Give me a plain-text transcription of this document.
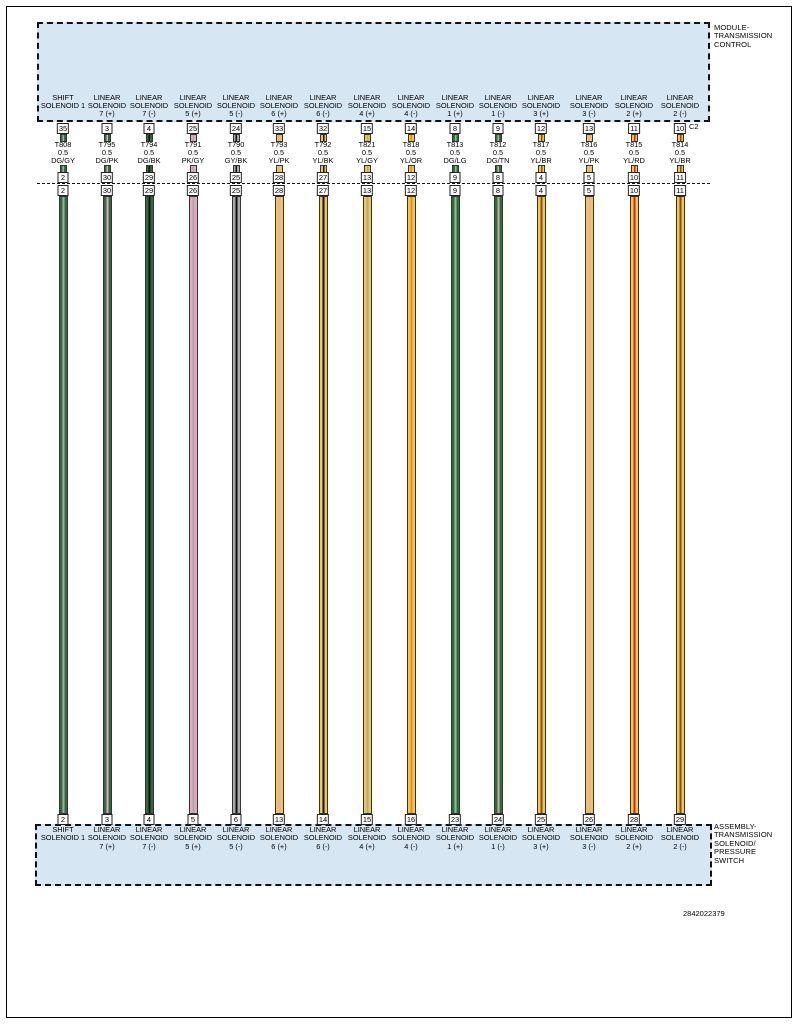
MODULE-
TRANSMISSION
CONTROL
ASSEMBLY-
TRANSMISSION
SOLENOID/
PRESSURE
SWITCH
SHIFT
SOLENOID 1
35
T808
0.5
DG/GY
2
2
2
SHIFT
SOLENOID 1
LINEAR
SOLENOID
7 (+)
3
T795
0.5
DG/PK
30
30
3
LINEAR
SOLENOID
7 (+)
LINEAR
SOLENOID
7 (-)
4
T794
0.5
DG/BK
29
29
4
LINEAR
SOLENOID
7 (-)
LINEAR
SOLENOID
5 (+)
25
T791
0.5
PK/GY
26
26
5
LINEAR
SOLENOID
5 (+)
LINEAR
SOLENOID
5 (-)
24
T790
0.5
GY/BK
25
25
6
LINEAR
SOLENOID
5 (-)
LINEAR
SOLENOID
6 (+)
33
T793
0.5
YL/PK
28
28
13
LINEAR
SOLENOID
6 (+)
LINEAR
SOLENOID
6 (-)
32
T792
0.5
YL/BK
27
27
14
LINEAR
SOLENOID
6 (-)
LINEAR
SOLENOID
4 (+)
15
T821
0.5
YL/GY
13
13
15
LINEAR
SOLENOID
4 (+)
LINEAR
SOLENOID
4 (-)
14
T818
0.5
YL/OR
12
12
16
LINEAR
SOLENOID
4 (-)
LINEAR
SOLENOID
1 (+)
8
T813
0.5
DG/LG
9
9
23
LINEAR
SOLENOID
1 (+)
LINEAR
SOLENOID
1 (-)
9
T812
0.5
DG/TN
8
8
24
LINEAR
SOLENOID
1 (-)
LINEAR
SOLENOID
3 (+)
12
T817
0.5
YL/BR
4
4
25
LINEAR
SOLENOID
3 (+)
LINEAR
SOLENOID
3 (-)
13
T816
0.5
YL/PK
5
5
26
LINEAR
SOLENOID
3 (-)
LINEAR
SOLENOID
2 (+)
11
T815
0.5
YL/RD
10
10
28
LINEAR
SOLENOID
2 (+)
LINEAR
SOLENOID
2 (-)
10
T814
0.5
YL/BR
11
11
29
LINEAR
SOLENOID
2 (-)
C2
2842022379
